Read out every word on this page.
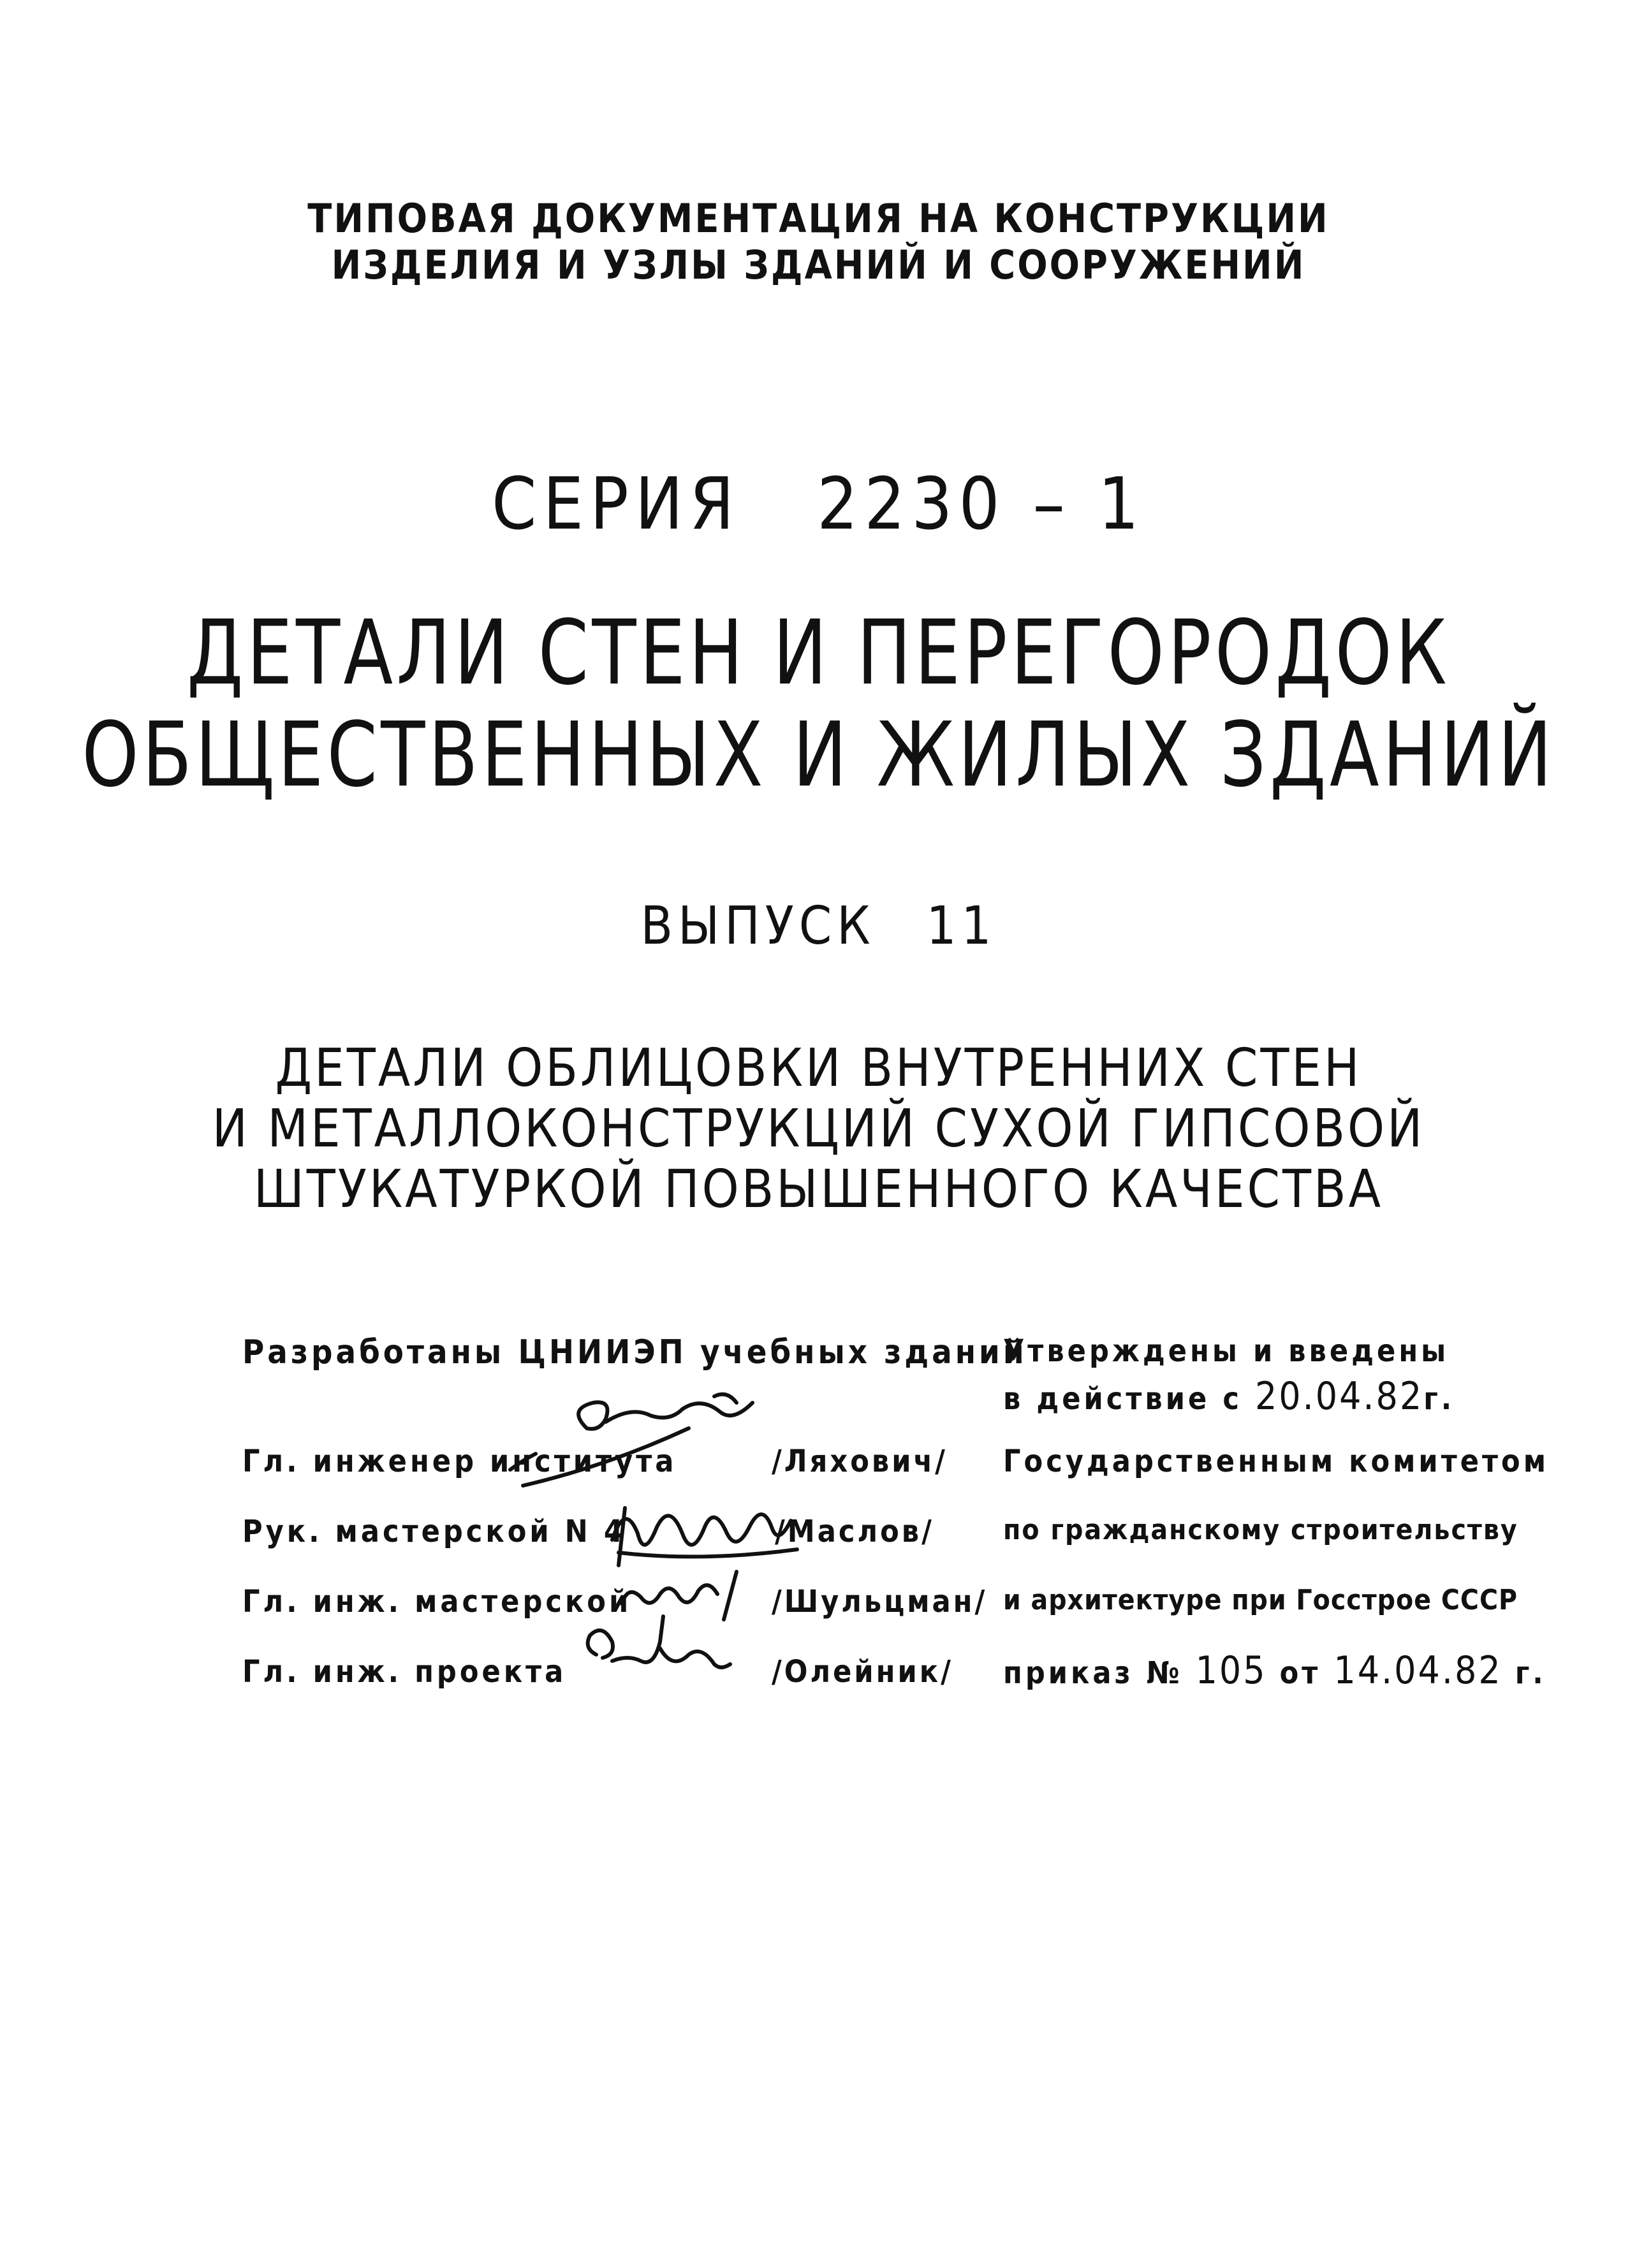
ТИПОВАЯ ДОКУМЕНТАЦИЯ НА КОНСТРУКЦИИ
ИЗДЕЛИЯ И УЗЛЫ ЗДАНИЙ И СООРУЖЕНИЙ
СЕРИЯ 2230 – 1
ДЕТАЛИ СТЕН И ПЕРЕГОРОДОК
ОБЩЕСТВЕННЫХ И ЖИЛЫХ ЗДАНИЙ
ВЫПУСК 11
ДЕТАЛИ ОБЛИЦОВКИ ВНУТРЕННИХ СТЕН
И МЕТАЛЛОКОНСТРУКЦИЙ СУХОЙ ГИПСОВОЙ
ШТУКАТУРКОЙ ПОВЫШЕННОГО КАЧЕСТВА
Разработаны ЦНИИЭП учебных зданий
Гл. инженер института	/Ляхович/
Рук. мастерской N 4	/Маслов/
Гл. инж. мастерской	/Шульцман/
Гл. инж. проекта	/Олейник/
Утверждены и введены
в действие с 20.04.82г.
Государственным комитетом
по гражданскому строительству
и архитектуре при Госстрое СССР
приказ № 105 от 14.04.82 г.
